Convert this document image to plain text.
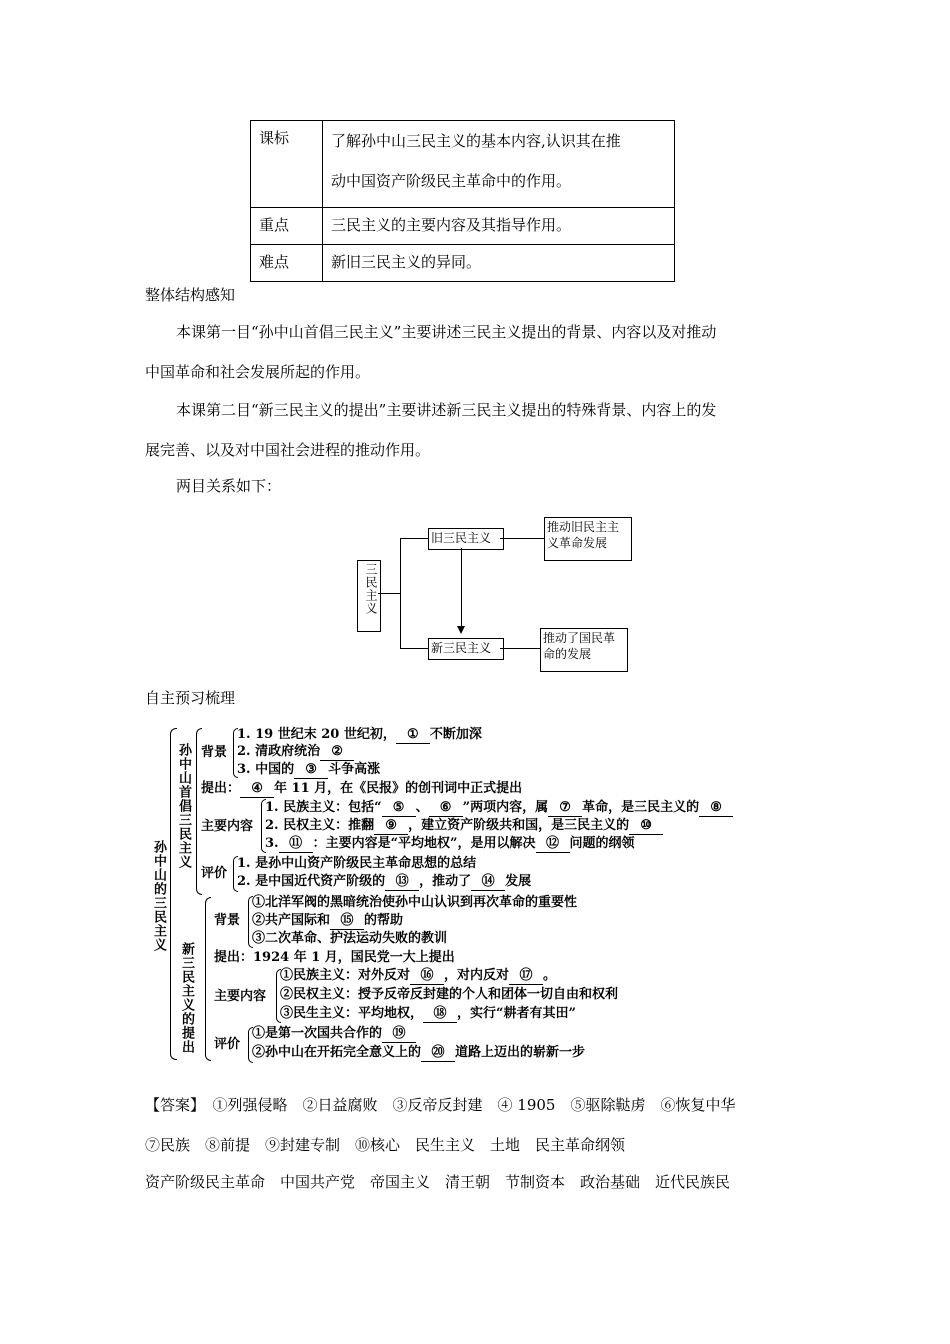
课标	了解孙中山三民主义的基本内容,认识其在推
动中国资产阶级民主革命中的作用。

重点	三民主义的主要内容及其指导作用。
难点	新旧三民主义的异同。
整体结构感知
本课第一目“孙中山首倡三民主义”主要讲述三民主义提出的背景、内容以及对推动
中国革命和社会发展所起的作用。
本课第二目“新三民主义的提出”主要讲述新三民主义提出的特殊背景、内容上的发
展完善、以及对中国社会进程的推动作用。
两目关系如下：
三民主义
旧三民主义
新三民主义
推动旧民主主义革命发展
推动了国民革命的发展
自主预习梳理
孙中山的三民主义
孙中山首倡三民主义 背景
1. 19 世纪末 20 世纪初， ① 不断加深
2. 清政府统治 ②
3. 中国的 ③ 斗争高涨
提出： ④ 年 11 月，在《民报》的创刊词中正式提出
主要内容
1. 民族主义：包括“ ⑤ 、 ⑥ ”两项内容，属 ⑦ 革命，是三民主义的 ⑧
2. 民权主义：推翻 ⑨ ，建立资产阶级共和国，是三民主义的 ⑩
3. ⑪ ：主要内容是“平均地权”，是用以解决 ⑫ 问题的纲领
评价
1. 是孙中山资产阶级民主革命思想的总结
2. 是中国近代资产阶级的 ⑬ ，推动了 ⑭ 发展
新三民主义的提出
背景
①北洋军阀的黑暗统治使孙中山认识到再次革命的重要性
②共产国际和 ⑮ 的帮助
③二次革命、护法运动失败的教训
提出：1924 年 1 月，国民党一大上提出
主要内容
①民族主义：对外反对 ⑯ ，对内反对 ⑰ 。
②民权主义：授予反帝反封建的个人和团体一切自由和权利
③民生主义：平均地权， ⑱ ，实行“耕者有其田”
评价
①是第一次国共合作的 ⑲
②孙中山在开拓完全意义上的 ⑳ 道路上迈出的崭新一步
【答案】　 ①列强侵略　②日益腐败　③反帝反封建　④ 1905　⑤驱除鞑虏　⑥恢复中华
⑦民族　⑧前提　⑨封建专制　⑩核心　民生主义　土地　民主革命纲领
资产阶级民主革命　中国共产党　帝国主义　清王朝　节制资本　政治基础　近代民族民
